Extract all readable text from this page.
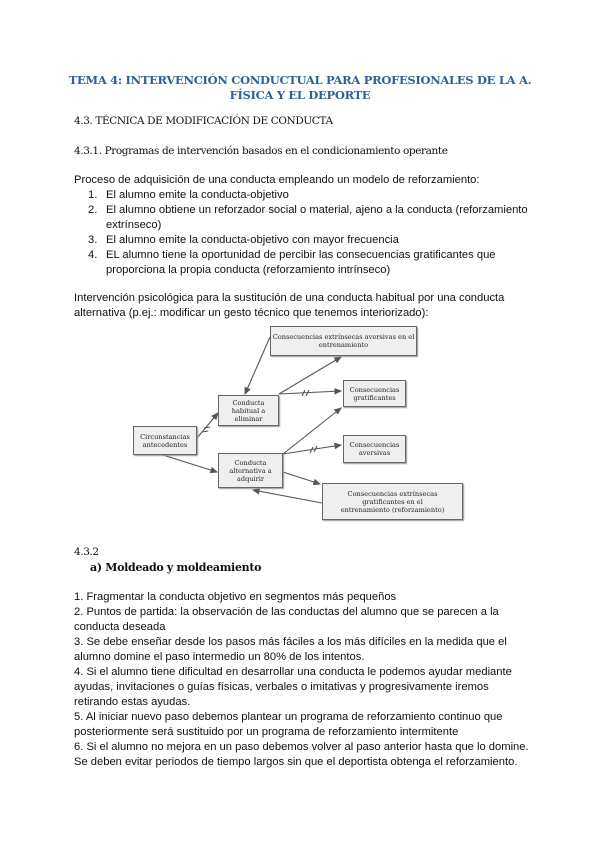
TEMA 4: INTERVENCIÓN CONDUCTUAL PARA PROFESIONALES DE LA A.
FÍSICA Y EL DEPORTE
4.3. TÉCNICA DE MODIFICACIÓN DE CONDUCTA
4.3.1. Programas de intervención basados en el condicionamiento operante
Proceso de adquisición de una conducta empleando un modelo de reforzamiento:
1. El alumno emite la conducta-objetivo
2. El alumno obtiene un reforzador social o material, ajeno a la conducta (reforzamiento
extrínseco)
3. El alumno emite la conducta-objetivo con mayor frecuencia
4. EL alumno tiene la oportunidad de percibir las consecuencias gratificantes que
proporciona la propia conducta (reforzamiento intrínseco)
Intervención psicológica para la sustitución de una conducta habitual por una conducta
alternativa (p.ej.: modificar un gesto técnico que tenemos interiorizado):
Consecuencias extrínsecas aversivas en el entrenamiento
Conducta habitual a eliminar
Consecuencias gratificantes
Circunstancias antecedentes	Consecuencias aversivas
Conducta alternativa a adquirir
Consecuencias extrínsecas gratificantes en el entrenamiento (reforzamiento)
4.3.2
a) Moldeado y moldeamiento
1. Fragmentar la conducta objetivo en segmentos más pequeños
2. Puntos de partida: la observación de las conductas del alumno que se parecen a la
conducta deseada
3. Se debe enseñar desde los pasos más fáciles a los más difíciles en la medida que el
alumno domine el paso intermedio un 80% de los intentos.
4. Si el alumno tiene dificultad en desarrollar una conducta le podemos ayudar mediante
ayudas, invitaciones o guías físicas, verbales o imitativas y progresivamente iremos
retirando estas ayudas.
5. Al iniciar nuevo paso debemos plantear un programa de reforzamiento continuo que
posteriormente será sustituido por un programa de reforzamiento intermitente
6. Si el alumno no mejora en un paso debemos volver al paso anterior hasta que lo domine.
Se deben evitar periodos de tiempo largos sin que el deportista obtenga el reforzamiento.
